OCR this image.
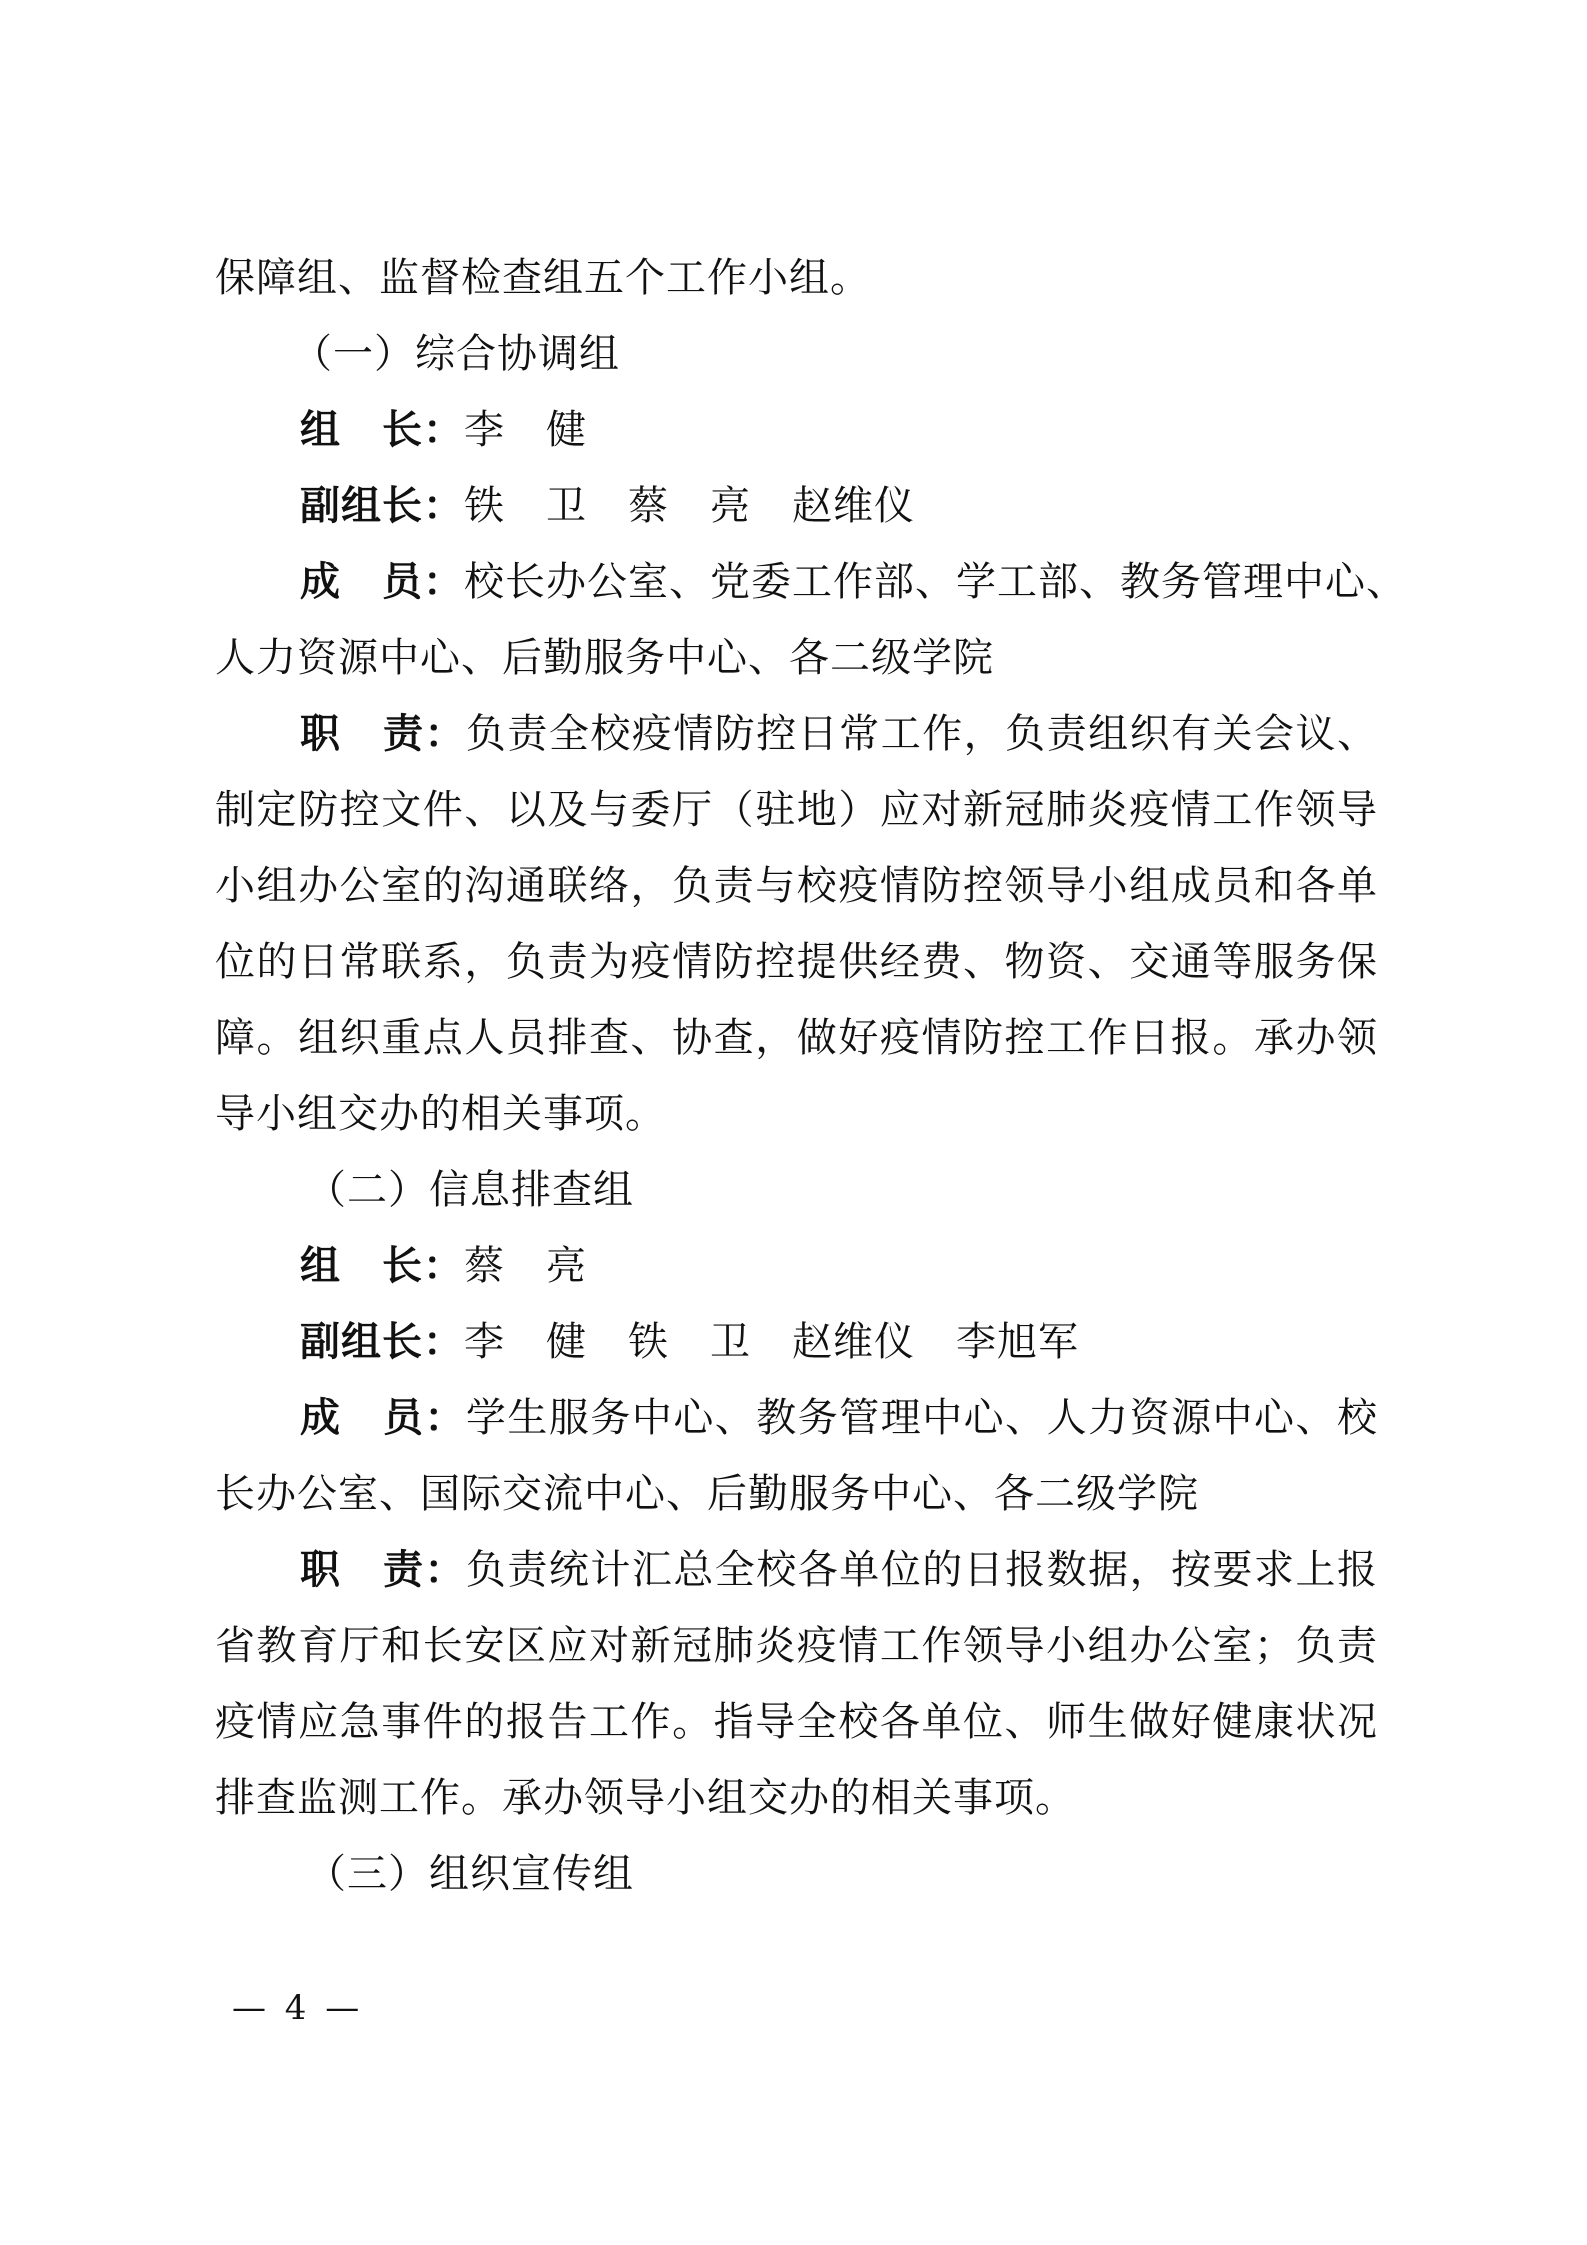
保障组、监督检查组五个工作小组。
（一）综合协调组
组　长：李　健
副组长：铁　卫　蔡　亮　赵维仪
成　员：校长办公室、党委工作部、学工部、教务管理中心、
人力资源中心、后勤服务中心、各二级学院
职　责：负责全校疫情防控日常工作，负责组织有关会议、
制定防控文件、以及与委厅（驻地）应对新冠肺炎疫情工作领导
小组办公室的沟通联络，负责与校疫情防控领导小组成员和各单
位的日常联系，负责为疫情防控提供经费、物资、交通等服务保
障。组织重点人员排查、协查，做好疫情防控工作日报。承办领
导小组交办的相关事项。
（二）信息排查组
组　长：蔡　亮
副组长：李　健　铁　卫　赵维仪　李旭军
成　员：学生服务中心、教务管理中心、人力资源中心、校
长办公室、国际交流中心、后勤服务中心、各二级学院
职　责：负责统计汇总全校各单位的日报数据，按要求上报
省教育厅和长安区应对新冠肺炎疫情工作领导小组办公室；负责
疫情应急事件的报告工作。指导全校各单位、师生做好健康状况
排查监测工作。承办领导小组交办的相关事项。
（三）组织宣传组
— 4 —
